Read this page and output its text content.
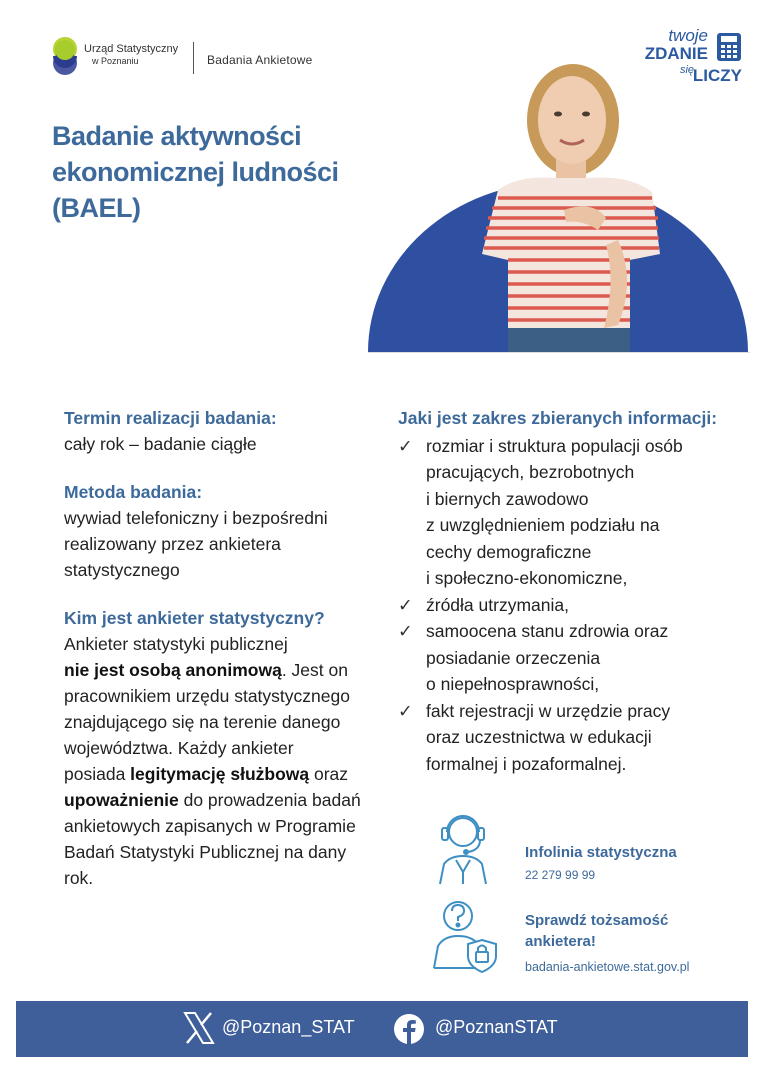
Urząd Statystyczny
w Poznaniu	Badania Ankietowe
twoje
ZDANIE
się
LICZY
Badanie aktywności
ekonomicznej ludności
(BAEL)
Termin realizacji badania:

cały rok – badanie ciągłe

Metoda badania:

wywiad telefoniczny i bezpośredni

realizowany przez ankietera

statystycznego

Kim jest ankieter statystyczny?

Ankieter statystyki publicznej

nie jest osobą anonimową. Jest on

pracownikiem urzędu statystycznego

znajdującego się na terenie danego

województwa. Każdy ankieter

posiada legitymację służbową oraz

upoważnienie do prowadzenia badań

ankietowych zapisanych w Programie

Badań Statystyki Publicznej na dany

rok.

Jaki jest zakres zbieranych informacji:
✓ rozmiar i struktura populacji osób
pracujących, bezrobotnych
i biernych zawodowo
z uwzględnieniem podziału na
cechy demograficzne
i społeczno-ekonomiczne,
✓ źródła utrzymania,
✓ samoocena stanu zdrowia oraz
posiadanie orzeczenia
o niepełnosprawności,
✓ fakt rejestracji w urzędzie pracy
oraz uczestnictwa w edukacji
formalnej i pozaformalnej.
Infolinia statystyczna
22 279 99 99
Sprawdź tożsamość
ankietera!
badania-ankietowe.stat.gov.pl
@Poznan_STAT	@PoznanSTAT
